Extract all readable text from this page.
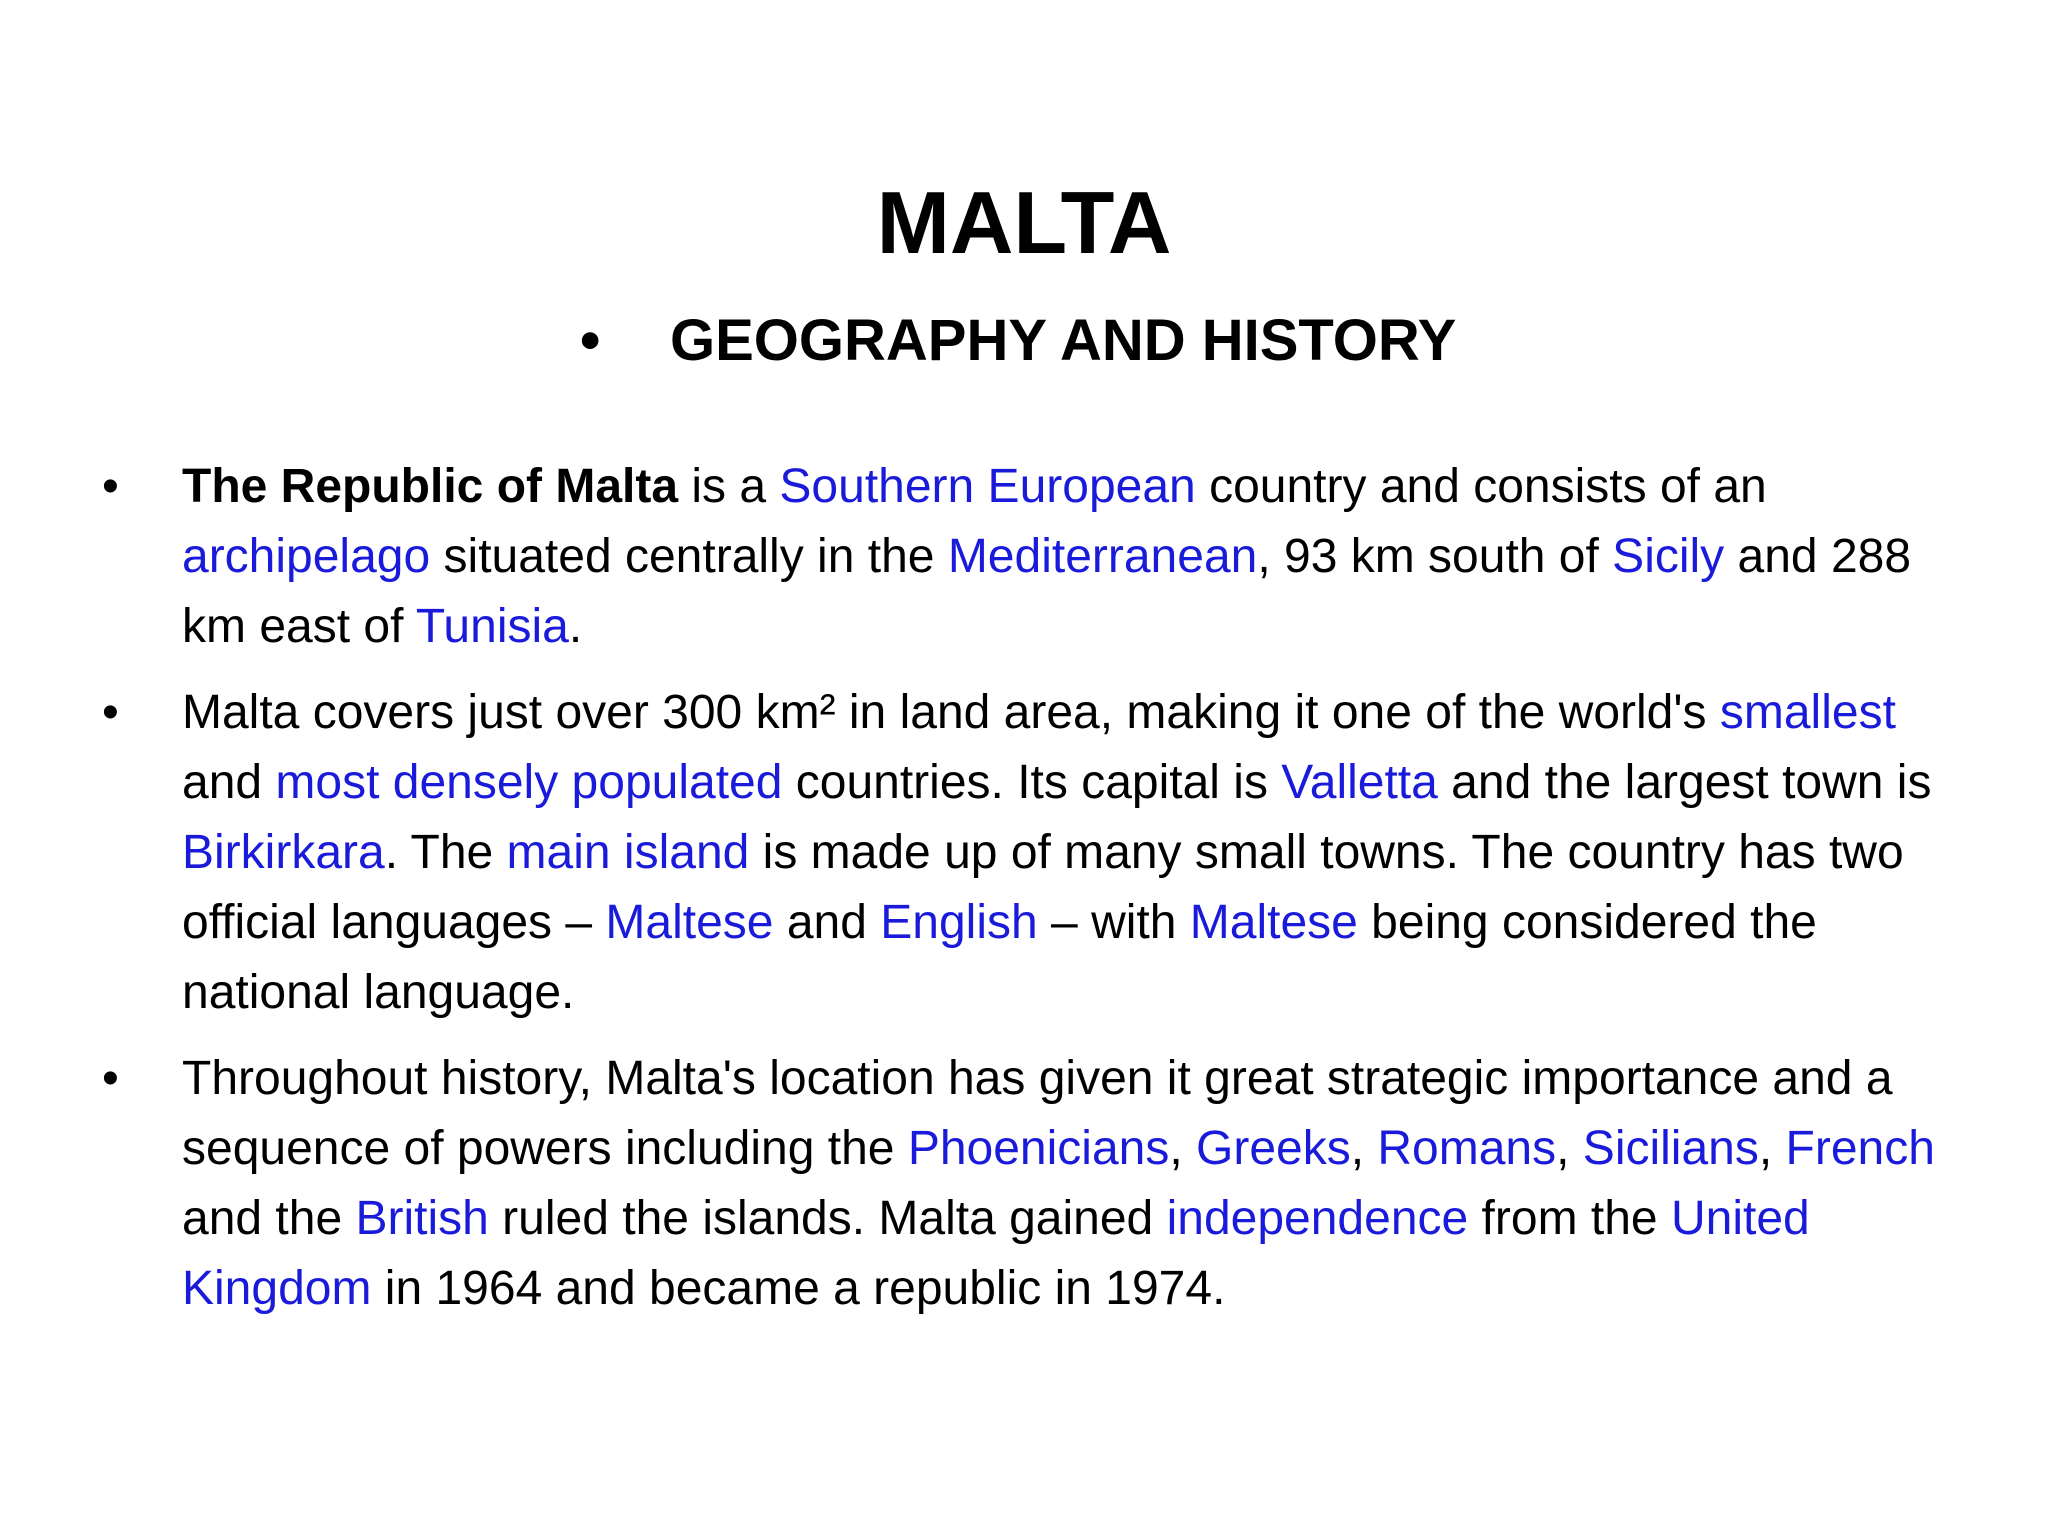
MALTA
•	GEOGRAPHY AND HISTORY
•	The Republic of Malta is a Southern European country and consists of an archipelago situated centrally in the Mediterranean, 93 km south of Sicily and 288 km east of Tunisia.
•	Malta covers just over 300 km² in land area, making it one of the world's smallest and most densely populated countries. Its capital is Valletta and the largest town is Birkirkara. The main island is made up of many small towns. The country has two official languages – Maltese and English – with Maltese being considered the national language.
•	Throughout history, Malta's location has given it great strategic importance and a sequence of powers including the Phoenicians, Greeks, Romans, Sicilians, French and the British ruled the islands. Malta gained independence from the United Kingdom in 1964 and became a republic in 1974.
